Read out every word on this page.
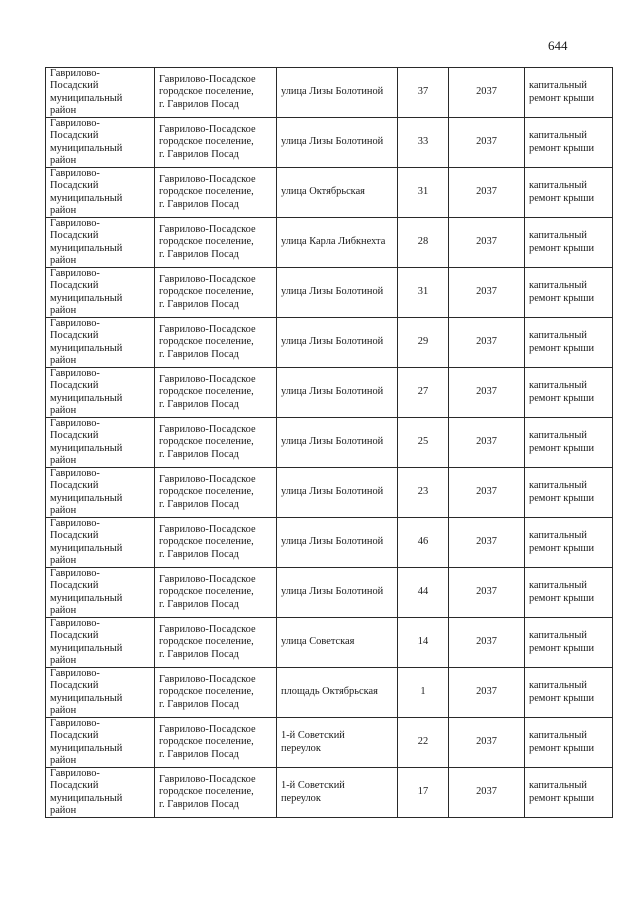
644
Гаврилово-
Посадский
муниципальный
район	Гаврилово-Посадское
городское поселение,
г. Гаврилов Посад	улица Лизы Болотиной	37	2037	капитальный
ремонт крыши

Гаврилово-
Посадский
муниципальный
район	Гаврилово-Посадское
городское поселение,
г. Гаврилов Посад	улица Лизы Болотиной	33	2037	капитальный
ремонт крыши

Гаврилово-
Посадский
муниципальный
район	Гаврилово-Посадское
городское поселение,
г. Гаврилов Посад	улица Октябрьская	31	2037	капитальный
ремонт крыши

Гаврилово-
Посадский
муниципальный
район	Гаврилово-Посадское
городское поселение,
г. Гаврилов Посад	улица Карла Либкнехта	28	2037	капитальный
ремонт крыши

Гаврилово-
Посадский
муниципальный
район	Гаврилово-Посадское
городское поселение,
г. Гаврилов Посад	улица Лизы Болотиной	31	2037	капитальный
ремонт крыши

Гаврилово-
Посадский
муниципальный
район	Гаврилово-Посадское
городское поселение,
г. Гаврилов Посад	улица Лизы Болотиной	29	2037	капитальный
ремонт крыши

Гаврилово-
Посадский
муниципальный
район	Гаврилово-Посадское
городское поселение,
г. Гаврилов Посад	улица Лизы Болотиной	27	2037	капитальный
ремонт крыши

Гаврилово-
Посадский
муниципальный
район	Гаврилово-Посадское
городское поселение,
г. Гаврилов Посад	улица Лизы Болотиной	25	2037	капитальный
ремонт крыши

Гаврилово-
Посадский
муниципальный
район	Гаврилово-Посадское
городское поселение,
г. Гаврилов Посад	улица Лизы Болотиной	23	2037	капитальный
ремонт крыши

Гаврилово-
Посадский
муниципальный
район	Гаврилово-Посадское
городское поселение,
г. Гаврилов Посад	улица Лизы Болотиной	46	2037	капитальный
ремонт крыши

Гаврилово-
Посадский
муниципальный
район	Гаврилово-Посадское
городское поселение,
г. Гаврилов Посад	улица Лизы Болотиной	44	2037	капитальный
ремонт крыши

Гаврилово-
Посадский
муниципальный
район	Гаврилово-Посадское
городское поселение,
г. Гаврилов Посад	улица Советская	14	2037	капитальный
ремонт крыши

Гаврилово-
Посадский
муниципальный
район	Гаврилово-Посадское
городское поселение,
г. Гаврилов Посад	площадь Октябрьская	1	2037	капитальный
ремонт крыши

Гаврилово-
Посадский
муниципальный
район	Гаврилово-Посадское
городское поселение,
г. Гаврилов Посад	1-й Советский
переулок	22	2037	капитальный
ремонт крыши

Гаврилово-
Посадский
муниципальный
район	Гаврилово-Посадское
городское поселение,
г. Гаврилов Посад	1-й Советский
переулок	17	2037	капитальный
ремонт крыши
